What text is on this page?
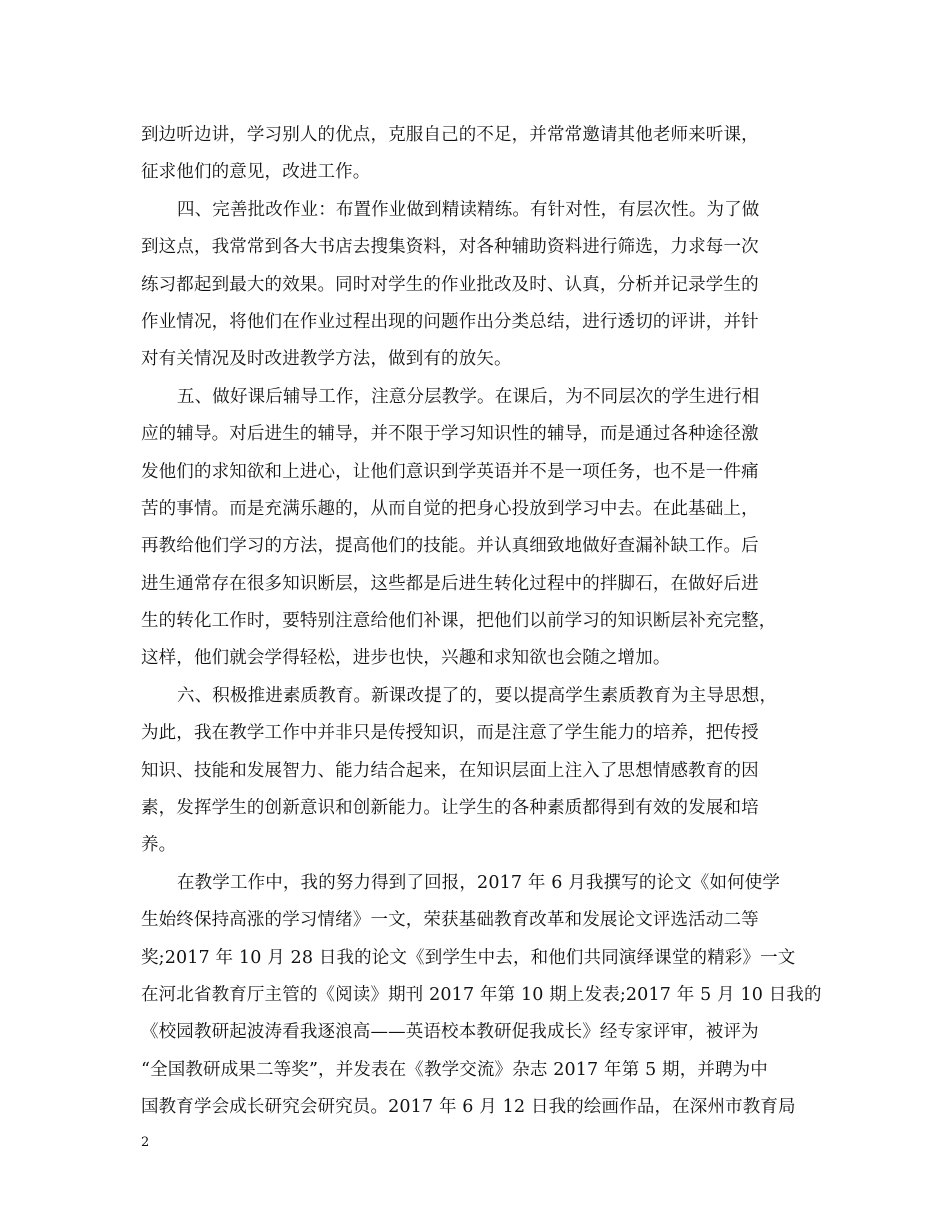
到边听边讲，学习别人的优点，克服自己的不足，并常常邀请其他老师来听课，
征求他们的意见，改进工作。
四、完善批改作业：布置作业做到精读精练。有针对性，有层次性。为了做
到这点，我常常到各大书店去搜集资料，对各种辅助资料进行筛选，力求每一次
练习都起到最大的效果。同时对学生的作业批改及时、认真，分析并记录学生的
作业情况，将他们在作业过程出现的问题作出分类总结，进行透切的评讲，并针
对有关情况及时改进教学方法，做到有的放矢。
五、做好课后辅导工作，注意分层教学。在课后，为不同层次的学生进行相
应的辅导。对后进生的辅导，并不限于学习知识性的辅导，而是通过各种途径激
发他们的求知欲和上进心，让他们意识到学英语并不是一项任务，也不是一件痛
苦的事情。而是充满乐趣的，从而自觉的把身心投放到学习中去。在此基础上，
再教给他们学习的方法，提高他们的技能。并认真细致地做好查漏补缺工作。后
进生通常存在很多知识断层，这些都是后进生转化过程中的拌脚石，在做好后进
生的转化工作时，要特别注意给他们补课，把他们以前学习的知识断层补充完整，
这样，他们就会学得轻松，进步也快，兴趣和求知欲也会随之增加。
六、积极推进素质教育。新课改提了的，要以提高学生素质教育为主导思想，
为此，我在教学工作中并非只是传授知识，而是注意了学生能力的培养，把传授
知识、技能和发展智力、能力结合起来，在知识层面上注入了思想情感教育的因
素，发挥学生的创新意识和创新能力。让学生的各种素质都得到有效的发展和培
养。
在教学工作中，我的努力得到了回报，2017 年 6 月我撰写的论文《如何使学
生始终保持高涨的学习情绪》一文，荣获基础教育改革和发展论文评选活动二等
奖;2017 年 10 月 28 日我的论文《到学生中去，和他们共同演绎课堂的精彩》一文
在河北省教育厅主管的《阅读》期刊 2017 年第 10 期上发表;2017 年 5 月 10 日我的
《校园教研起波涛看我逐浪高——英语校本教研促我成长》经专家评审，被评为
“全国教研成果二等奖”，并发表在《教学交流》杂志 2017 年第 5 期，并聘为中
国教育学会成长研究会研究员。2017 年 6 月 12 日我的绘画作品，在深州市教育局
2
